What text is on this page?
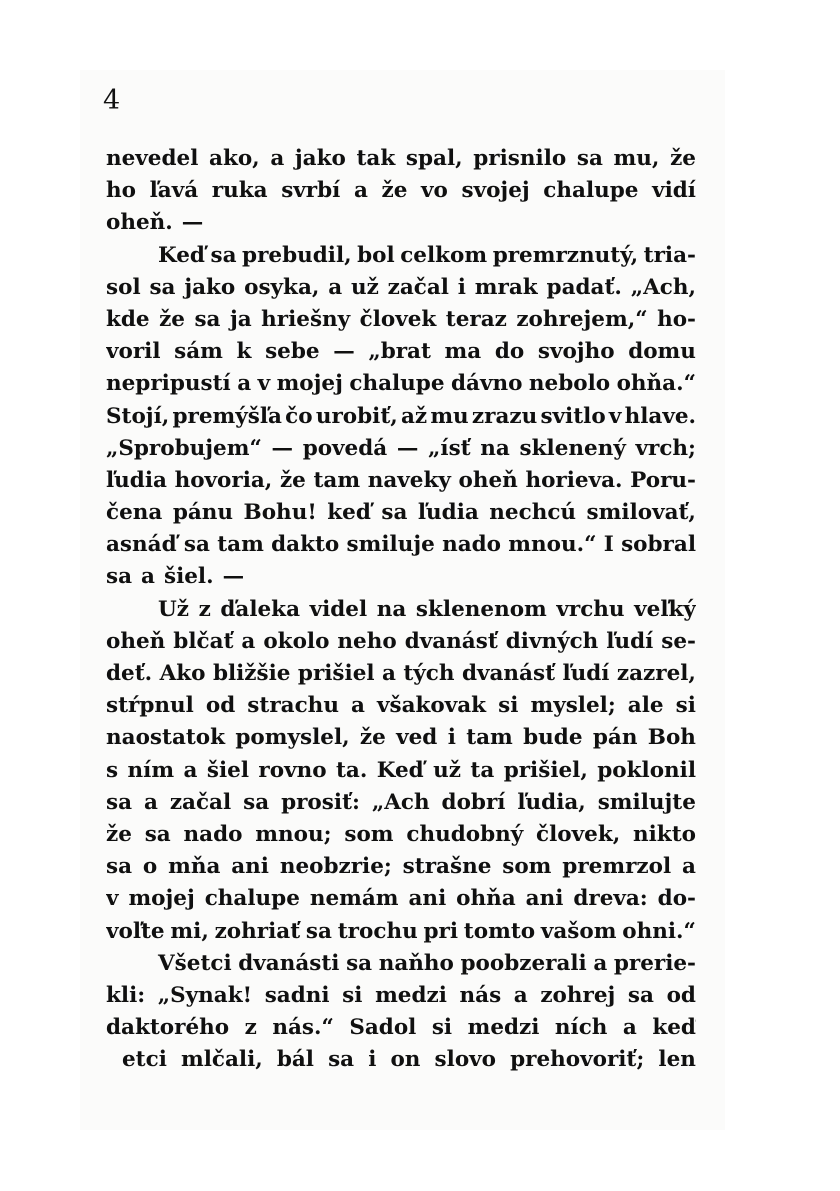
4
nevedel ako, a jako tak spal, prisnilo sa mu, že
ho ľavá ruka svrbí a že vo svojej chalupe vidí
oheň. —
Keď sa prebudil, bol celkom premrznutý, tria-
sol sa jako osyka, a už začal i mrak padať. „Ach,
kde že sa ja hriešny človek teraz zohrejem,“ ho-
voril sám k sebe — „brat ma do svojho domu
nepripustí a v mojej chalupe dávno nebolo ohňa.“
Stojí, premýšľa čo urobiť, až mu zrazu svitlo v hlave.
„Sprobujem“ — povedá — „ísť na sklenený vrch;
ľudia hovoria, že tam naveky oheň horieva. Poru-
čena pánu Bohu! keď sa ľudia nechcú smilovať,
asnáď sa tam dakto smiluje nado mnou.“ I sobral
sa a šiel. —
Už z ďaleka videl na sklenenom vrchu veľký
oheň blčať a okolo neho dvanásť divných ľudí se-
deť. Ako bližšie prišiel a tých dvanásť ľudí zazrel,
stŕpnul od strachu a všakovak si myslel; ale si
naostatok pomyslel, že ved i tam bude pán Boh
s ním a šiel rovno ta. Keď už ta prišiel, poklonil
sa a začal sa prosiť: „Ach dobrí ľudia, smilujte
že sa nado mnou; som chudobný človek, nikto
sa o mňa ani neobzrie; strašne som premrzol a
v mojej chalupe nemám ani ohňa ani dreva: do-
voľte mi, zohriať sa trochu pri tomto vašom ohni.“
Všetci dvanásti sa naňho poobzerali a prerie-
kli: „Synak! sadni si medzi nás a zohrej sa od
daktorého z nás.“ Sadol si medzi ních a keď
etci mlčali, bál sa i on slovo prehovoriť; len
